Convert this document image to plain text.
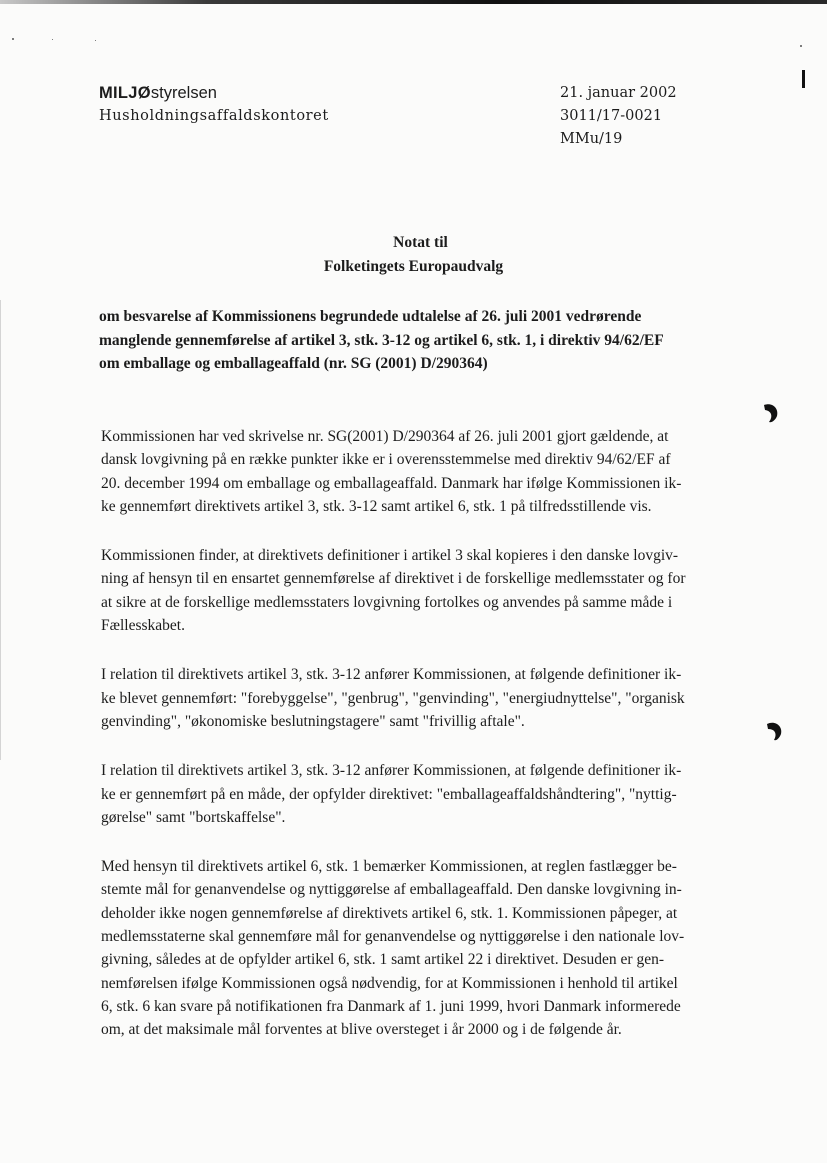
MILJØstyrelsen
Husholdningsaffaldskontoret
21. januar 2002
3011/17-0021
MMu/19
Notat til
Folketingets Europaudvalg
om besvarelse af Kommissionens begrundede udtalelse af 26. juli 2001 vedrørende
manglende gennemførelse af artikel 3, stk. 3-12 og artikel 6, stk. 1, i direktiv 94/62/EF
om emballage og emballageaffald (nr. SG (2001) D/290364)

Kommissionen har ved skrivelse nr. SG(2001) D/290364 af 26. juli 2001 gjort gældende, at
dansk lovgivning på en række punkter ikke er i overensstemmelse med direktiv 94/62/EF af
20. december 1994 om emballage og emballageaffald. Danmark har ifølge Kommissionen ik-
ke gennemført direktivets artikel 3, stk. 3-12 samt artikel 6, stk. 1 på tilfredsstillende vis.

Kommissionen finder, at direktivets definitioner i artikel 3 skal kopieres i den danske lovgiv-
ning af hensyn til en ensartet gennemførelse af direktivet i de forskellige medlemsstater og for
at sikre at de forskellige medlemsstaters lovgivning fortolkes og anvendes på samme måde i
Fællesskabet.

I relation til direktivets artikel 3, stk. 3-12 anfører Kommissionen, at følgende definitioner ik-
ke blevet gennemført: "forebyggelse", "genbrug", "genvinding", "energiudnyttelse", "organisk
genvinding", "økonomiske beslutningstagere" samt "frivillig aftale".

I relation til direktivets artikel 3, stk. 3-12 anfører Kommissionen, at følgende definitioner ik-
ke er gennemført på en måde, der opfylder direktivet: "emballageaffaldshåndtering", "nyttig-
gørelse" samt "bortskaffelse".

Med hensyn til direktivets artikel 6, stk. 1 bemærker Kommissionen, at reglen fastlægger be-
stemte mål for genanvendelse og nyttiggørelse af emballageaffald. Den danske lovgivning in-
deholder ikke nogen gennemførelse af direktivets artikel 6, stk. 1. Kommissionen påpeger, at
medlemsstaterne skal gennemføre mål for genanvendelse og nyttiggørelse i den nationale lov-
givning, således at de opfylder artikel 6, stk. 1 samt artikel 22 i direktivet. Desuden er gen-
nemførelsen ifølge Kommissionen også nødvendig, for at Kommissionen i henhold til artikel
6, stk. 6 kan svare på notifikationen fra Danmark af 1. juni 1999, hvori Danmark informerede
om, at det maksimale mål forventes at blive oversteget i år 2000 og i de følgende år.
